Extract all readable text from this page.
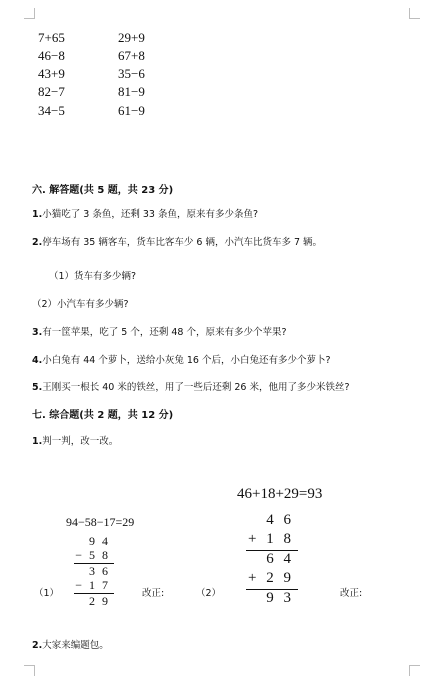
7+65	29+9
46−8	67+8
43+9	35−6
82−7	81−9
34−5	61−9
六. 解答题(共 5 题，共 23 分)
1.小猫吃了 3 条鱼，还剩 33 条鱼，原来有多少条鱼?
2.停车场有 35 辆客车，货车比客车少 6 辆，小汽车比货车多 7 辆。
（1）货车有多少辆?
（2）小汽车有多少辆?
3.有一筐苹果，吃了 5 个，还剩 48 个，原来有多少个苹果?
4.小白兔有 44 个萝卜，送给小灰兔 16 个后，小白兔还有多少个萝卜?
5.王刚买一根长 40 米的铁丝，用了一些后还剩 26 米，他用了多少米铁丝?
七. 综合题(共 2 题，共 12 分)
1.判一判，改一改。
94−58−17=29
9 4
− 5 8
3 6
− 1 7
2 9
（1）	改正:
46+18+29=93
4 6
+ 1 8
6 4
+ 2 9
9 3
（2）	改正:
2.大家来编题包。
